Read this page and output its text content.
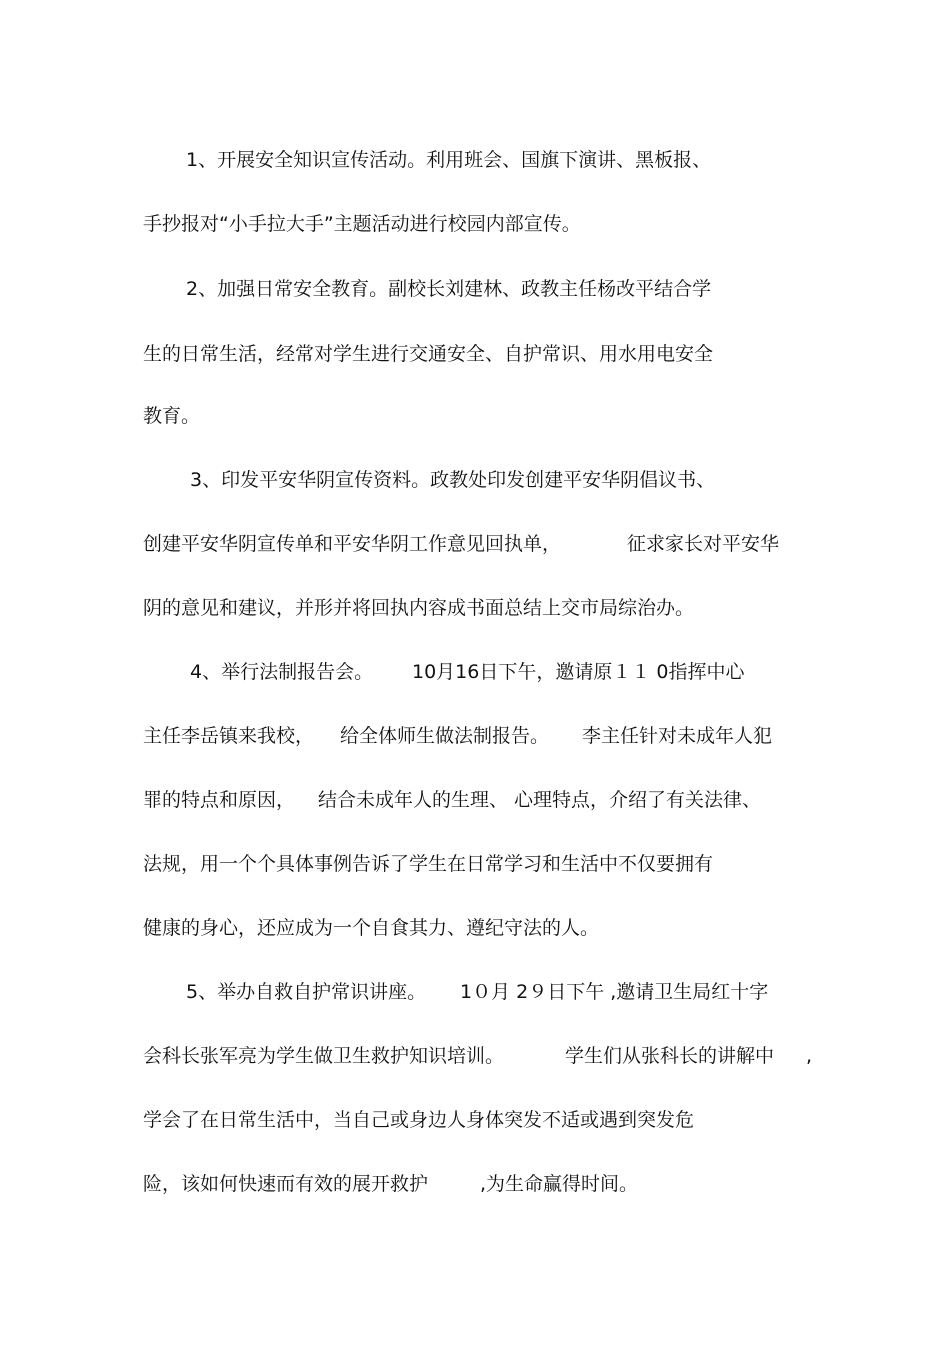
1、开展安全知识宣传活动。利用班会、国旗下演讲、黑板报、

手抄报对“小手拉大手”主题活动进行校园内部宣传。

2、加强日常安全教育。副校长刘建林、政教主任杨改平结合学

生的日常生活，经常对学生进行交通安全、自护常识、用水用电安全

教育。

3、印发平安华阴宣传资料。政教处印发创建平安华阴倡议书、

创建平安华阴宣传单和平安华阴工作意见回执单，

	征求家长对平安华

阴的意见和建议，并形并将回执内容成书面总结上交市局综治办。

4、举行法制报告会。

10月16日下午，邀请原１１ 0指挥中心

主任李岳镇来我校，

给全体师生做法制报告。

李主任针对未成年人犯

罪的特点和原因，

结合未成年人的生理、 心理特点，介绍了有关法律、

法规，用一个个具体事例告诉了学生在日常学习和生活中不仅要拥有

健康的身心，还应成为一个自食其力、遵纪守法的人。

5、举办自救自护常识讲座。

1０月 2９日下午 ,邀请卫生局红十字

会科长张军亮为学生做卫生救护知识培训。

	学生们从张科长的讲解中

,

学会了在日常生活中，当自己或身边人身体突发不适或遇到突发危

险，该如何快速而有效的展开救护

	,为生命赢得时间。
